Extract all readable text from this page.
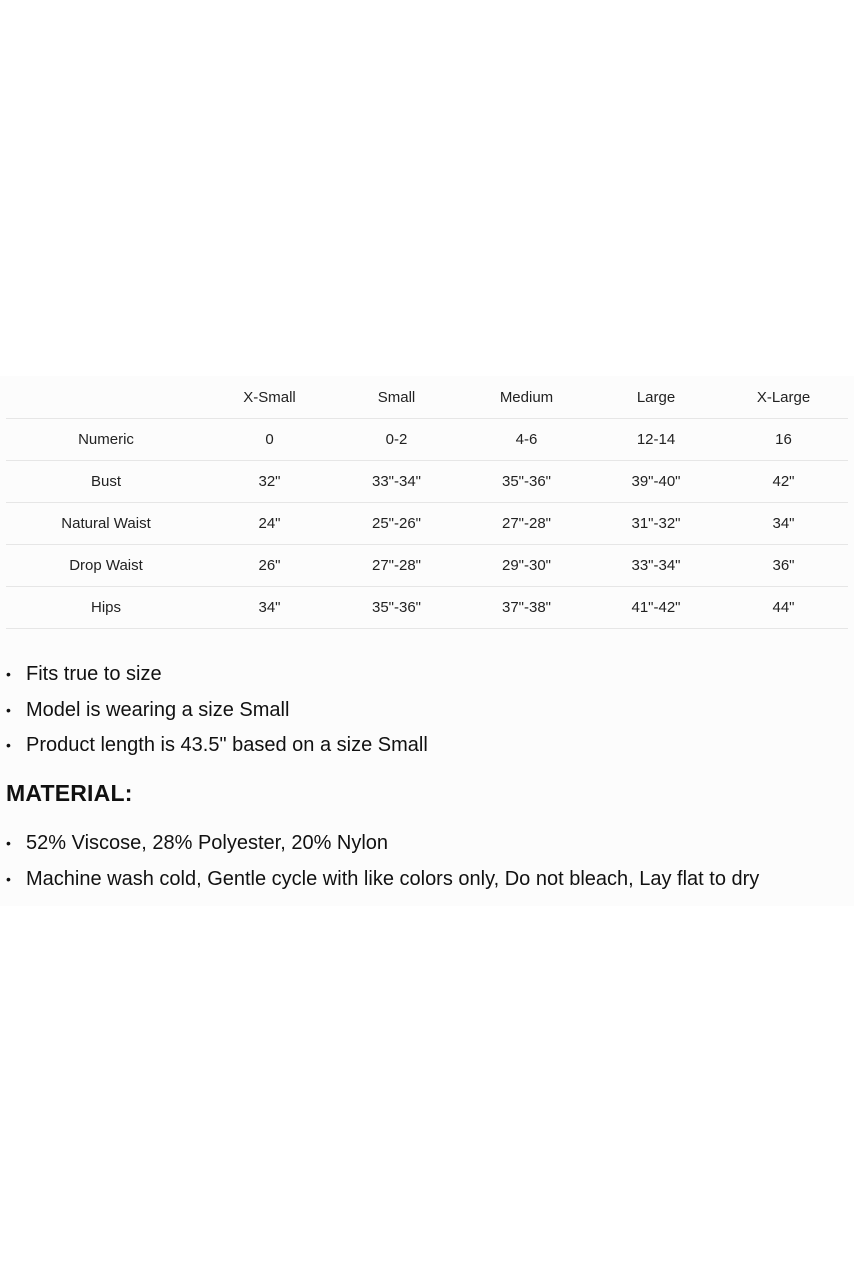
	X-Small	Small	Medium	Large	X-Large
Numeric	0	0-2	4-6	12-14	16
Bust	32"	33"-34"	35"-36"	39"-40"	42"
Natural Waist	24"	25"-26"	27"-28"	31"-32"	34"
Drop Waist	26"	27"-28"	29"-30"	33"-34"	36"
Hips	34"	35"-36"	37"-38"	41"-42"	44"
• Fits true to size
• Model is wearing a size Small
• Product length is 43.5" based on a size Small
MATERIAL:
• 52% Viscose, 28% Polyester, 20% Nylon
• Machine wash cold, Gentle cycle with like colors only, Do not bleach, Lay flat to dry
